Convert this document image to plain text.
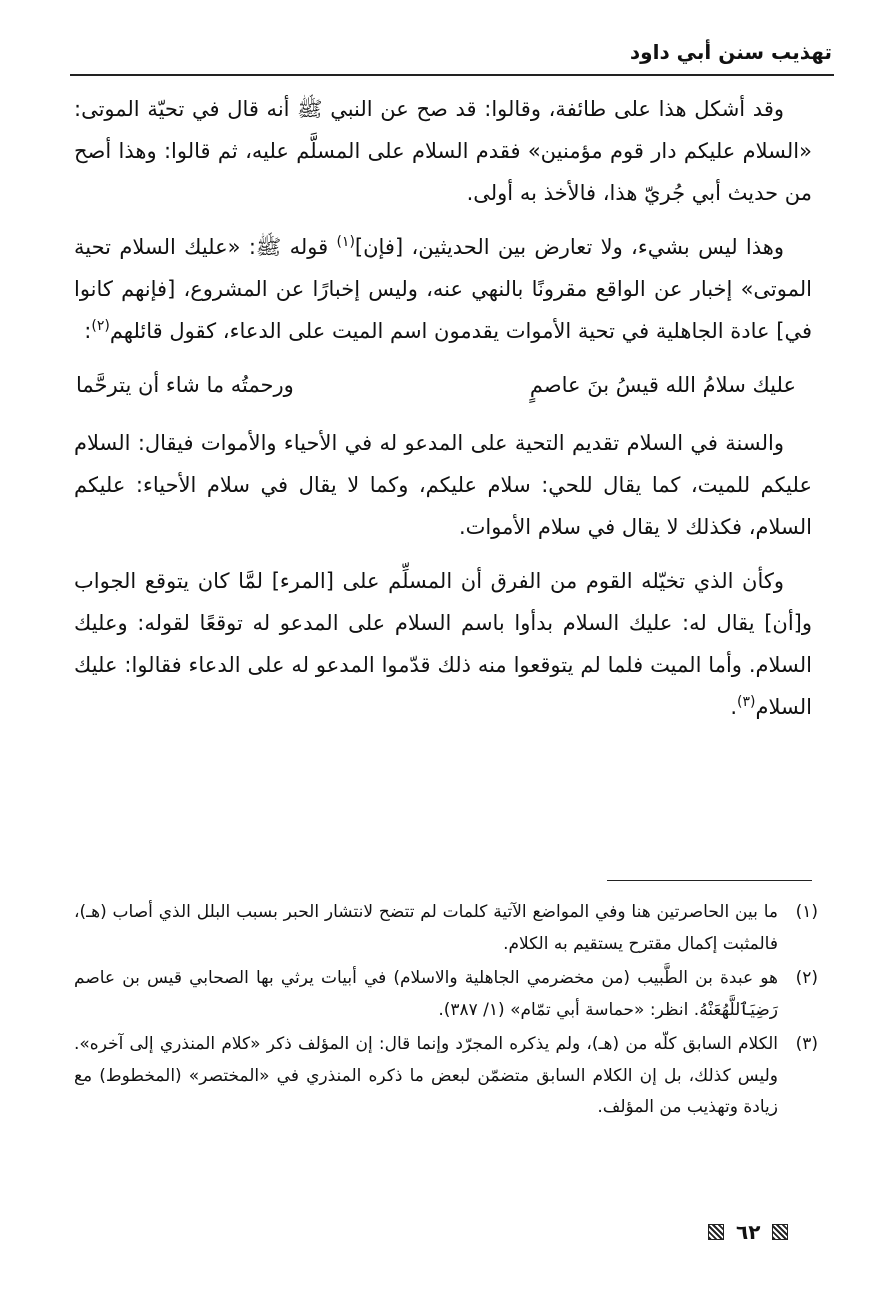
تهذيب سنن أبي داود

وقد أشكل هذا على طائفة، وقالوا: قد صح عن النبي ﷺ أنه قال في تحيّة الموتى: «السلام عليكم دار قوم مؤمنين» فقدم السلام على المسلَّم عليه، ثم قالوا: وهذا أصح من حديث أبي جُريّ هذا، فالأخذ به أولى.

وهذا ليس بشيء، ولا تعارض بين الحديثين، [فإن]$^{(١)}$ قوله ﷺ: «عليك السلام تحية الموتى» إخبار عن الواقع مقرونًا بالنهي عنه، وليس إخبارًا عن المشروع، [فإنهم كانوا في] عادة الجاهلية في تحية الأموات يقدمون اسم الميت على الدعاء، كقول قائلهم$^{(٢)}$:

عليك سلامُ الله قيسُ بنَ عاصمٍ
ورحمتُه ما شاء أن يترحَّما

والسنة في السلام تقديم التحية على المدعو له في الأحياء والأموات فيقال: السلام عليكم للميت، كما يقال للحي: سلام عليكم، وكما لا يقال في سلام الأحياء: عليكم السلام، فكذلك لا يقال في سلام الأموات.

وكأن الذي تخيّله القوم من الفرق أن المسلِّم على [المرء] لمَّا كان يتوقع الجواب و[أن] يقال له: عليك السلام بدأوا باسم السلام على المدعو له توقعًا لقوله: وعليك السلام. وأما الميت فلما لم يتوقعوا منه ذلك قدّموا المدعو له على الدعاء فقالوا: عليك السلام$^{(٣)}$.

(١)
ما بين الحاصرتين هنا وفي المواضع الآتية كلمات لم تتضح لانتشار الحبر بسبب البلل الذي أصاب (هـ)، فالمثبت إكمال مقترح يستقيم به الكلام.
(٢)
هو عبدة بن الطَّبيب (من مخضرمي الجاهلية والاسلام) في أبيات يرثي بها الصحابي قيس بن عاصم رَضِيَٱللَّهُعَنْهُ. انظر: «حماسة أبي تمّام» (١/ ٣٨٧).
(٣)
الكلام السابق كلّه من (هـ)، ولم يذكره المجرّد وإنما قال: إن المؤلف ذكر «كلام المنذري إلى آخره». وليس كذلك، بل إن الكلام السابق متضمّن لبعض ما ذكره المنذري في «المختصر» (المخطوط) مع زيادة وتهذيب من المؤلف.
٦٢
